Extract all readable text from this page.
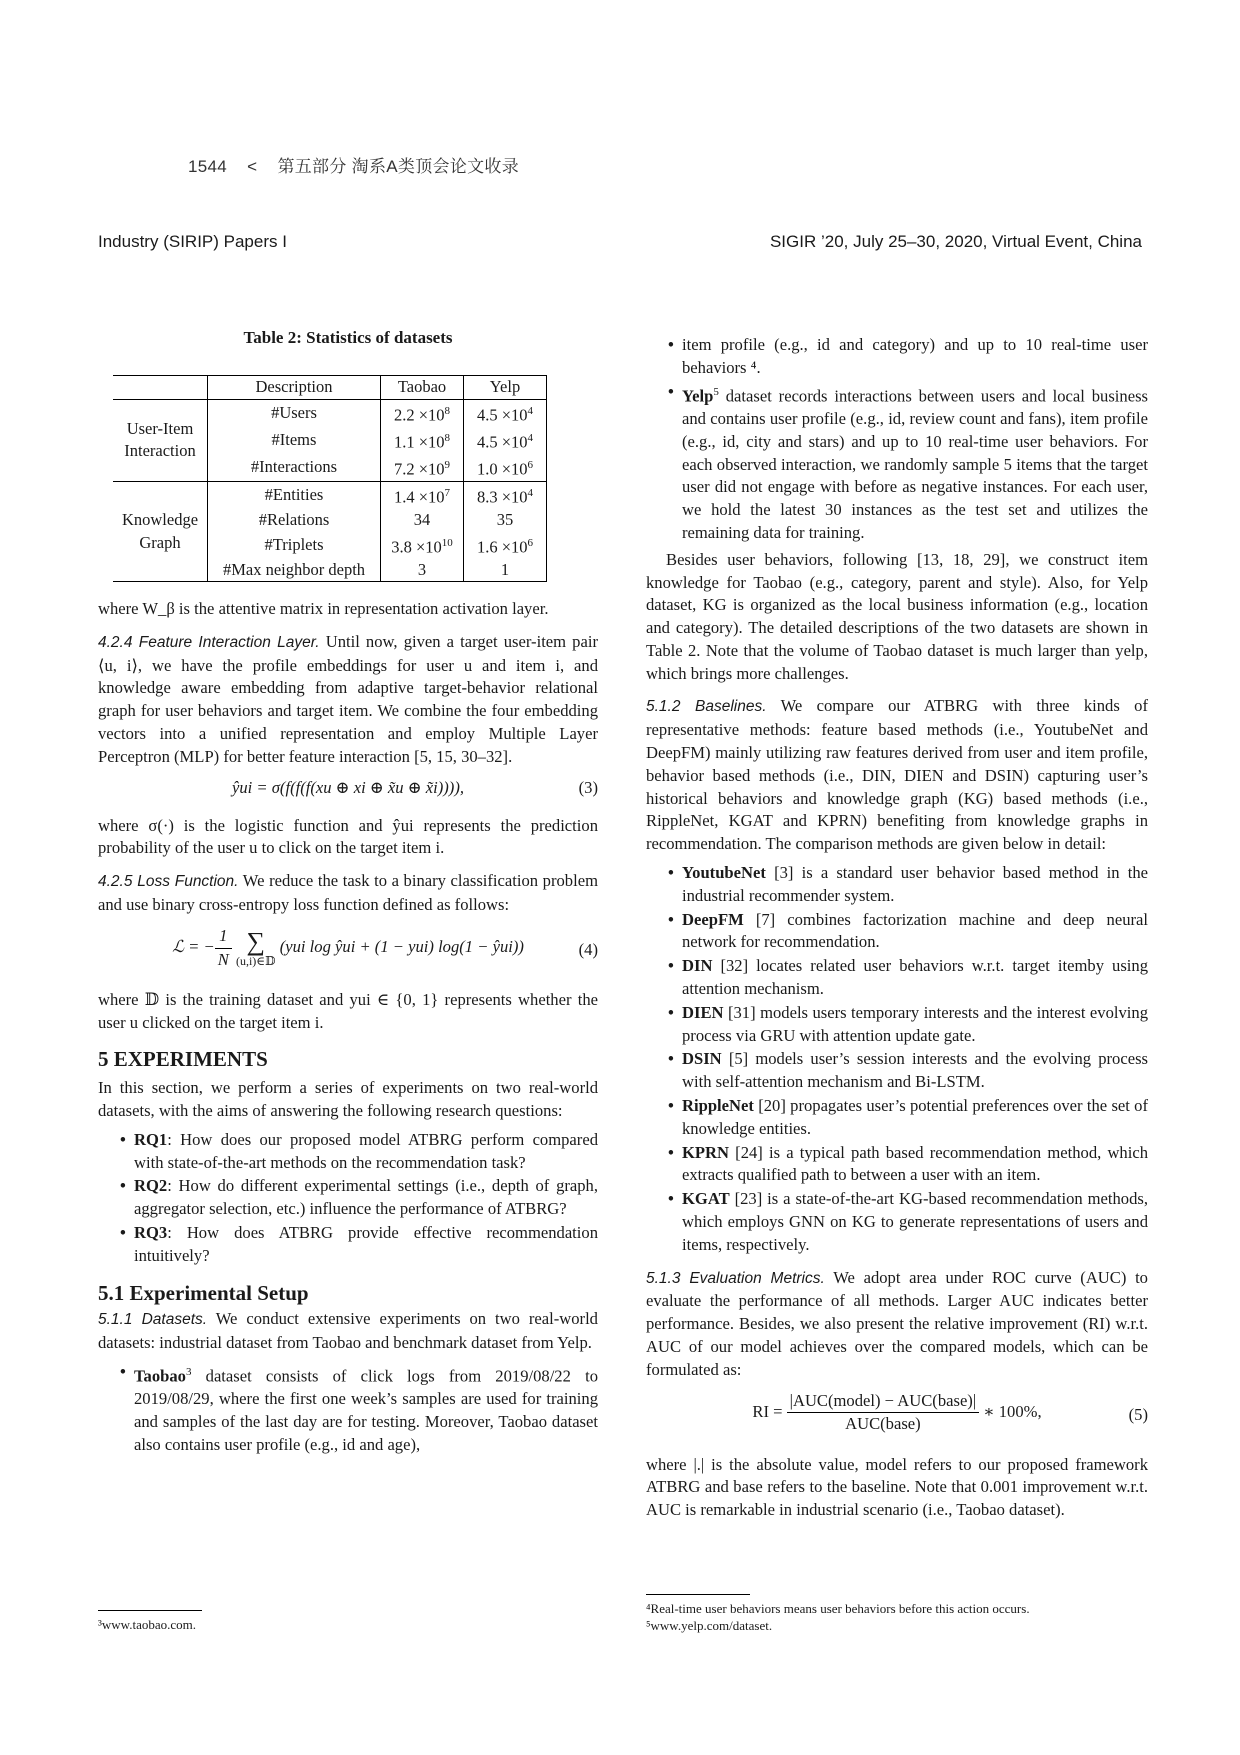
1544 < 第五部分 淘系A类顶会论文收录
Industry (SIRIP) Papers I	SIGIR ’20, July 25–30, 2020, Virtual Event, China
Table 2: Statistics of datasets
	Description	Taobao	Yelp
User-Item
Interaction	#Users	$2.2 \times 10^8$	$4.5 \times 10^4$
	#Items	$1.1 \times 10^8$	$4.5 \times 10^4$
	#Interactions	$7.2 \times 10^9$	$1.0 \times 10^6$
Knowledge
Graph	#Entities	$1.4 \times 10^7$	$8.3 \times 10^4$
	#Relations	34	35
	#Triplets	$3.8 \times 10^{10}$	$1.6 \times 10^6$
	#Max neighbor depth	3	1

where W_β is the attentive matrix in representation activation layer.

4.2.4 Feature Interaction Layer. Until now, given a target user-item pair ⟨u, i⟩, we have the profile embeddings for user u and item i, and knowledge aware embedding from adaptive target-behavior relational graph for user behaviors and target item. We combine the four embedding vectors into a unified representation and employ Multiple Layer Perceptron (MLP) for better feature interaction [5, 15, 30–32].

ŷui = σ(f(f(f(xu ⊕ xi ⊕ x̃u ⊕ x̃i)))),	(3)

where σ(·) is the logistic function and ŷui represents the prediction probability of the user u to click on the target item i.

4.2.5 Loss Function. We reduce the task to a binary classification problem and use binary cross-entropy loss function defined as follows:

ℒ = − $\frac{1}{N}$
∑
(u,i)∈𝔻
(yui log ŷui + (1 − yui) log(1 − ŷui))	(4)

where 𝔻 is the training dataset and yui ∈ {0, 1} represents whether the user u clicked on the target item i.

5 EXPERIMENTS

In this section, we perform a series of experiments on two real-world datasets, with the aims of answering the following research questions:

• RQ1: How does our proposed model ATBRG perform compared with state-of-the-art methods on the recommendation task?
• RQ2: How do different experimental settings (i.e., depth of graph, aggregator selection, etc.) influence the performance of ATBRG?
• RQ3: How does ATBRG provide effective recommendation intuitively?
5.1 Experimental Setup

5.1.1 Datasets. We conduct extensive experiments on two real-world datasets: industrial dataset from Taobao and benchmark dataset from Yelp.

• Taobao$^3$ dataset consists of click logs from 2019/08/22 to 2019/08/29, where the first one week’s samples are used for training and samples of the last day are for testing. Moreover, Taobao dataset also contains user profile (e.g., id and age),
³www.taobao.com.
• item profile (e.g., id and category) and up to 10 real-time user behaviors ⁴.
• Yelp$^5$ dataset records interactions between users and local business and contains user profile (e.g., id, review count and fans), item profile (e.g., id, city and stars) and up to 10 real-time user behaviors. For each observed interaction, we randomly sample 5 items that the target user did not engage with before as negative instances. For each user, we hold the latest 30 instances as the test set and utilizes the remaining data for training.

Besides user behaviors, following [13, 18, 29], we construct item knowledge for Taobao (e.g., category, parent and style). Also, for Yelp dataset, KG is organized as the local business information (e.g., location and category). The detailed descriptions of the two datasets are shown in Table 2. Note that the volume of Taobao dataset is much larger than yelp, which brings more challenges.

5.1.2 Baselines. We compare our ATBRG with three kinds of representative methods: feature based methods (i.e., YoutubeNet and DeepFM) mainly utilizing raw features derived from user and item profile, behavior based methods (i.e., DIN, DIEN and DSIN) capturing user’s historical behaviors and knowledge graph (KG) based methods (i.e., RippleNet, KGAT and KPRN) benefiting from knowledge graphs in recommendation. The comparison methods are given below in detail:

• YoutubeNet [3] is a standard user behavior based method in the industrial recommender system.
• DeepFM [7] combines factorization machine and deep neural network for recommendation.
• DIN [32] locates related user behaviors w.r.t. target itemby using attention mechanism.
• DIEN [31] models users temporary interests and the interest evolving process via GRU with attention update gate.
• DSIN [5] models user’s session interests and the evolving process with self-attention mechanism and Bi-LSTM.
• RippleNet [20] propagates user’s potential preferences over the set of knowledge entities.
• KPRN [24] is a typical path based recommendation method, which extracts qualified path to between a user with an item.
• KGAT [23] is a state-of-the-art KG-based recommendation methods, which employs GNN on KG to generate representations of users and items, respectively.

5.1.3 Evaluation Metrics. We adopt area under ROC curve (AUC) to evaluate the performance of all methods. Larger AUC indicates better performance. Besides, we also present the relative improvement (RI) w.r.t. AUC of our model achieves over the compared models, which can be formulated as:

RI = $\frac{\text{|AUC(model) − AUC(base)|}}{\text{AUC(base)}}$ ∗ 100%,	(5)

where |.| is the absolute value, model refers to our proposed framework ATBRG and base refers to the baseline. Note that 0.001 improvement w.r.t. AUC is remarkable in industrial scenario (i.e., Taobao dataset).

⁴Real-time user behaviors means user behaviors before this action occurs.
⁵www.yelp.com/dataset.
